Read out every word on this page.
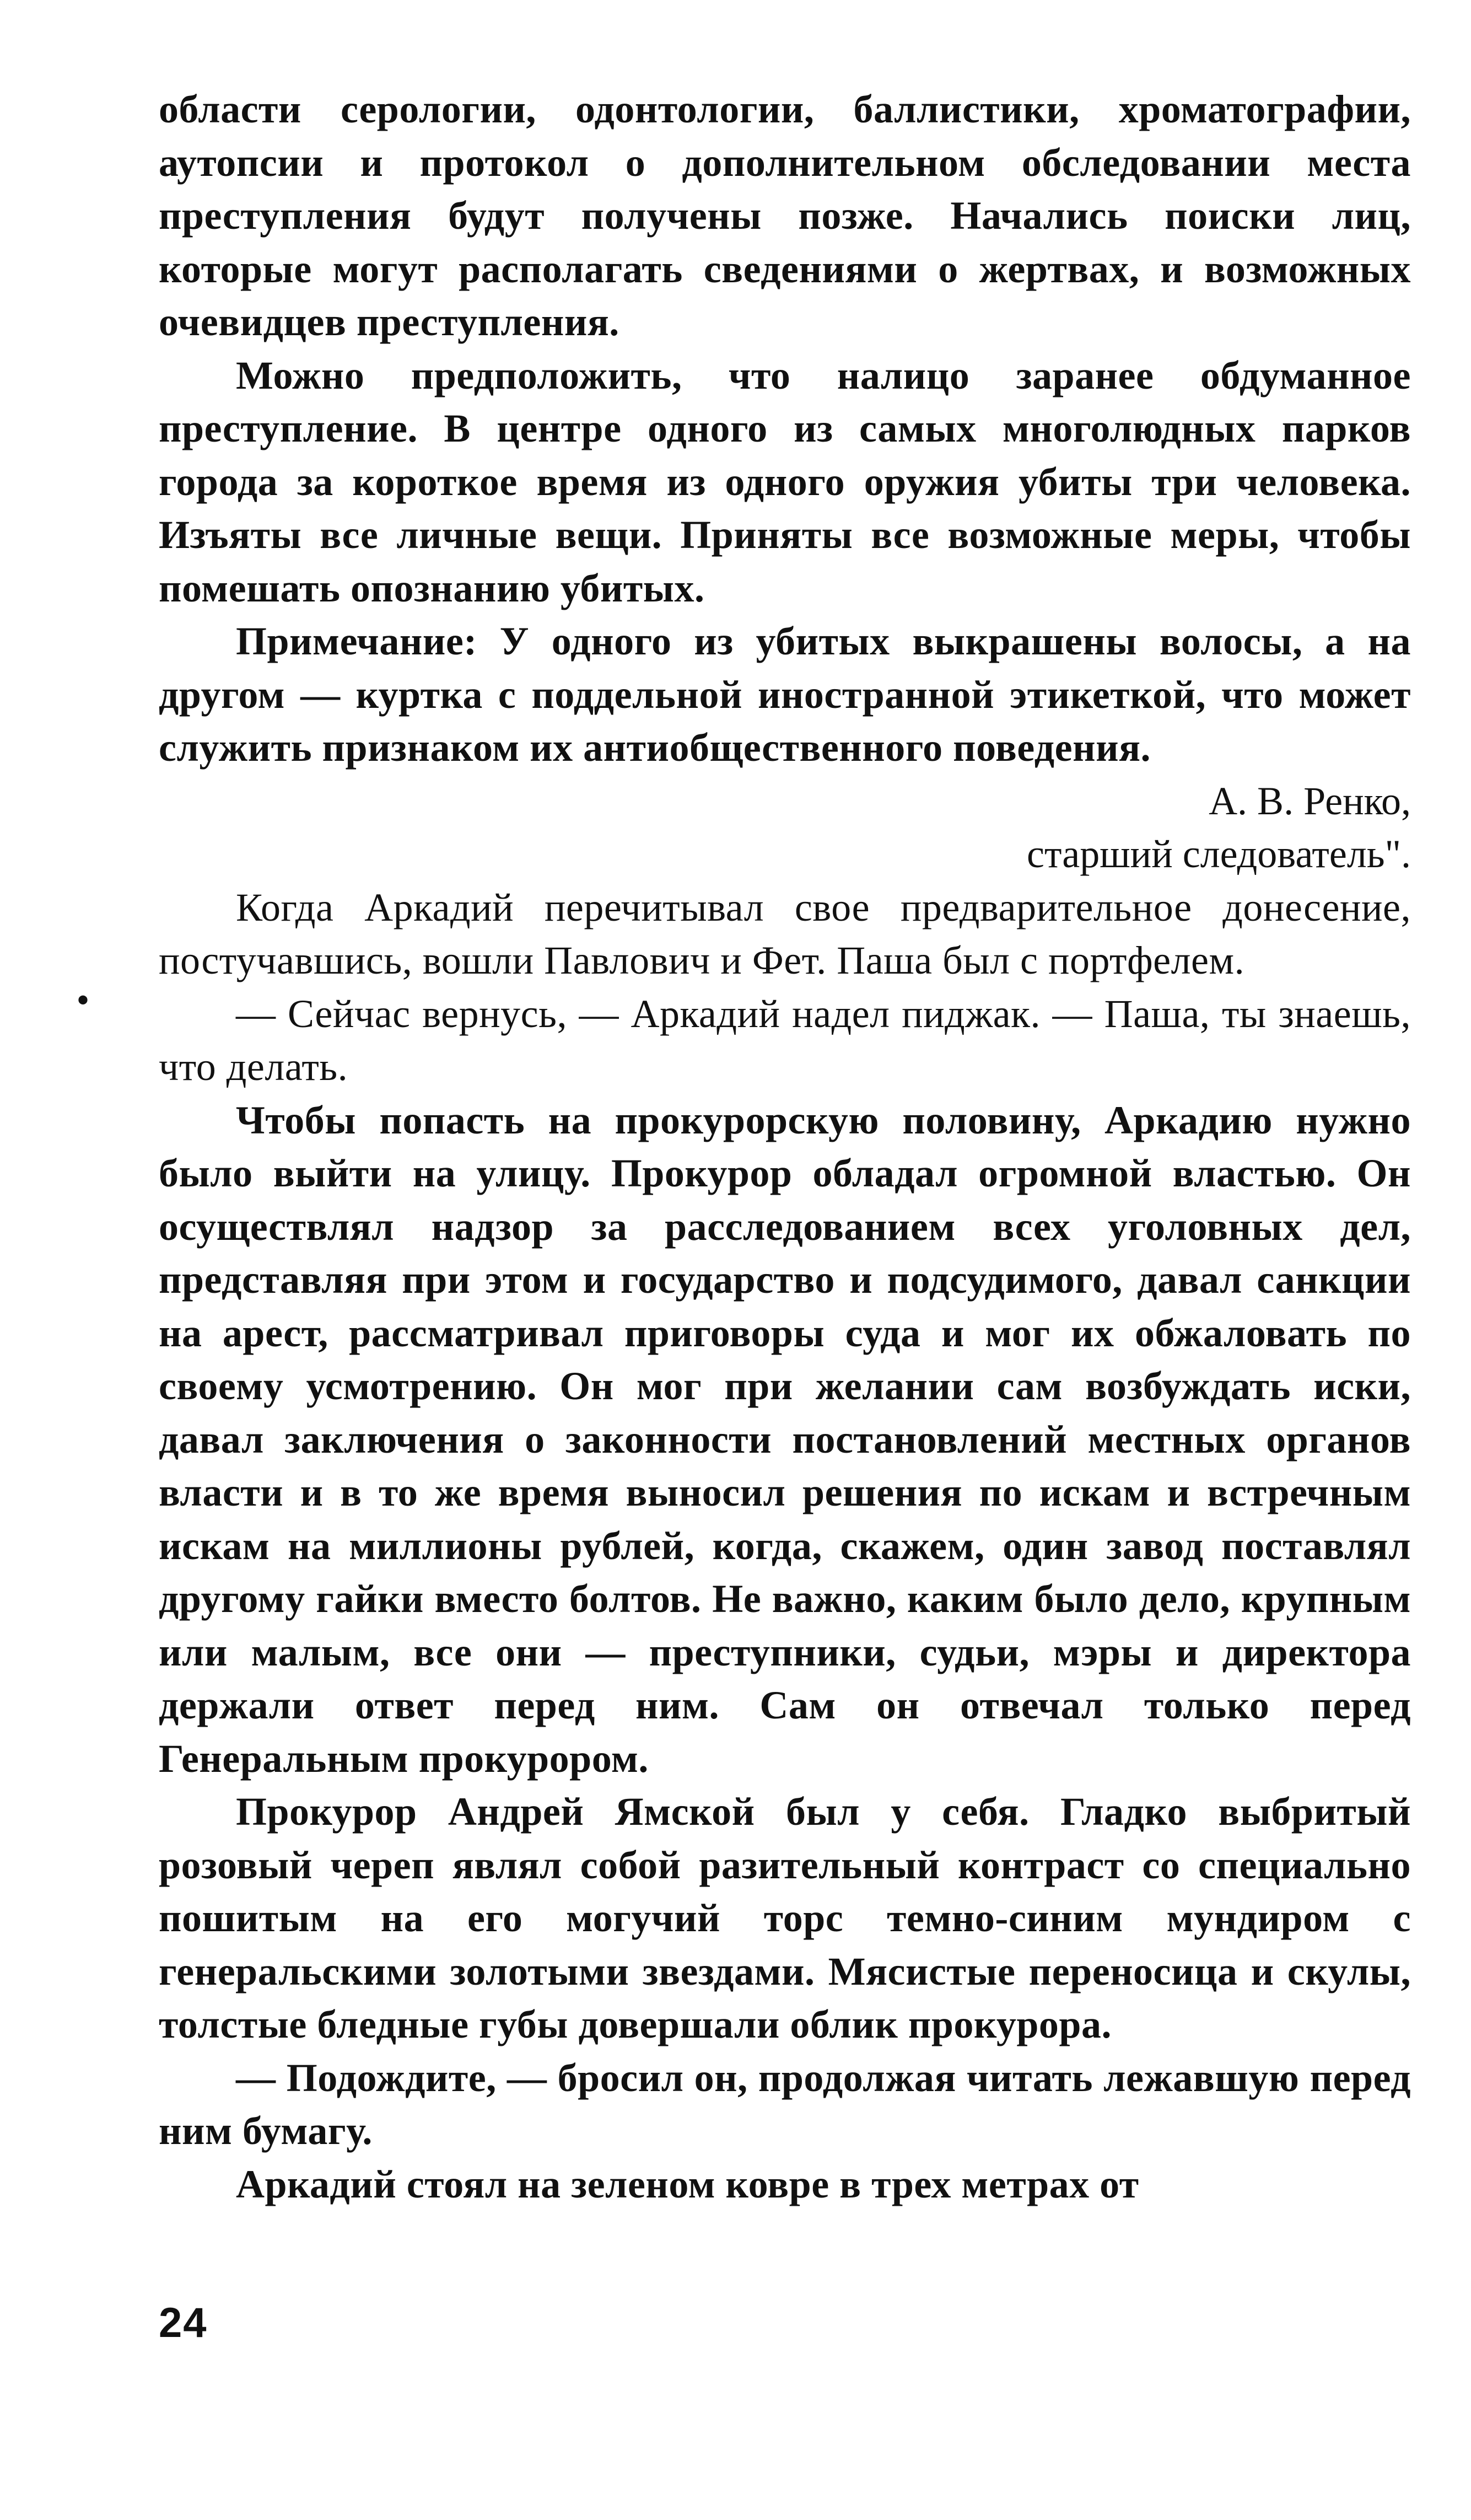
области серологии, одонтологии, баллистики, хроматографии, аутопсии и протокол о дополнительном обследовании места преступления будут получены позже. Начались поиски лиц, которые могут располагать сведениями о жертвах, и возможных очевидцев преступления.

Можно предположить, что налицо заранее обдуманное преступление. В центре одного из самых многолюдных парков города за короткое время из одного оружия убиты три человека. Изъяты все личные вещи. Приняты все возможные меры, чтобы помешать опознанию убитых.

Примечание: У одного из убитых выкрашены волосы, а на другом — куртка с поддельной иностранной этикеткой, что может служить признаком их антиобщественного поведения.

А. В. Ренко,

старший следователь".

Когда Аркадий перечитывал свое предварительное донесение, постучавшись, вошли Павлович и Фет. Паша был с портфелем.

— Сейчас вернусь, — Аркадий надел пиджак. — Паша, ты знаешь, что делать.

Чтобы попасть на прокурорскую половину, Аркадию нужно было выйти на улицу. Прокурор обладал огромной властью. Он осуществлял надзор за расследованием всех уголовных дел, представляя при этом и государство и подсудимого, давал санкции на арест, рассматривал приговоры суда и мог их обжаловать по своему усмотрению. Он мог при желании сам возбуждать иски, давал заключения о законности постановлений местных органов власти и в то же время выносил решения по искам и встречным искам на миллионы рублей, когда, скажем, один завод поставлял другому гайки вместо болтов. Не важно, каким было дело, крупным или малым, все они — преступники, судьи, мэры и директора держали ответ перед ним. Сам он отвечал только перед Генеральным прокурором.

Прокурор Андрей Ямской был у себя. Гладко выбритый розовый череп являл собой разительный контраст со специально пошитым на его могучий торс темно-синим мундиром с генеральскими золотыми звездами. Мясистые переносица и скулы, толстые бледные губы довершали облик прокурора.

— Подождите, — бросил он, продолжая читать лежавшую перед ним бумагу.

Аркадий стоял на зеленом ковре в трех метрах от

•
24
